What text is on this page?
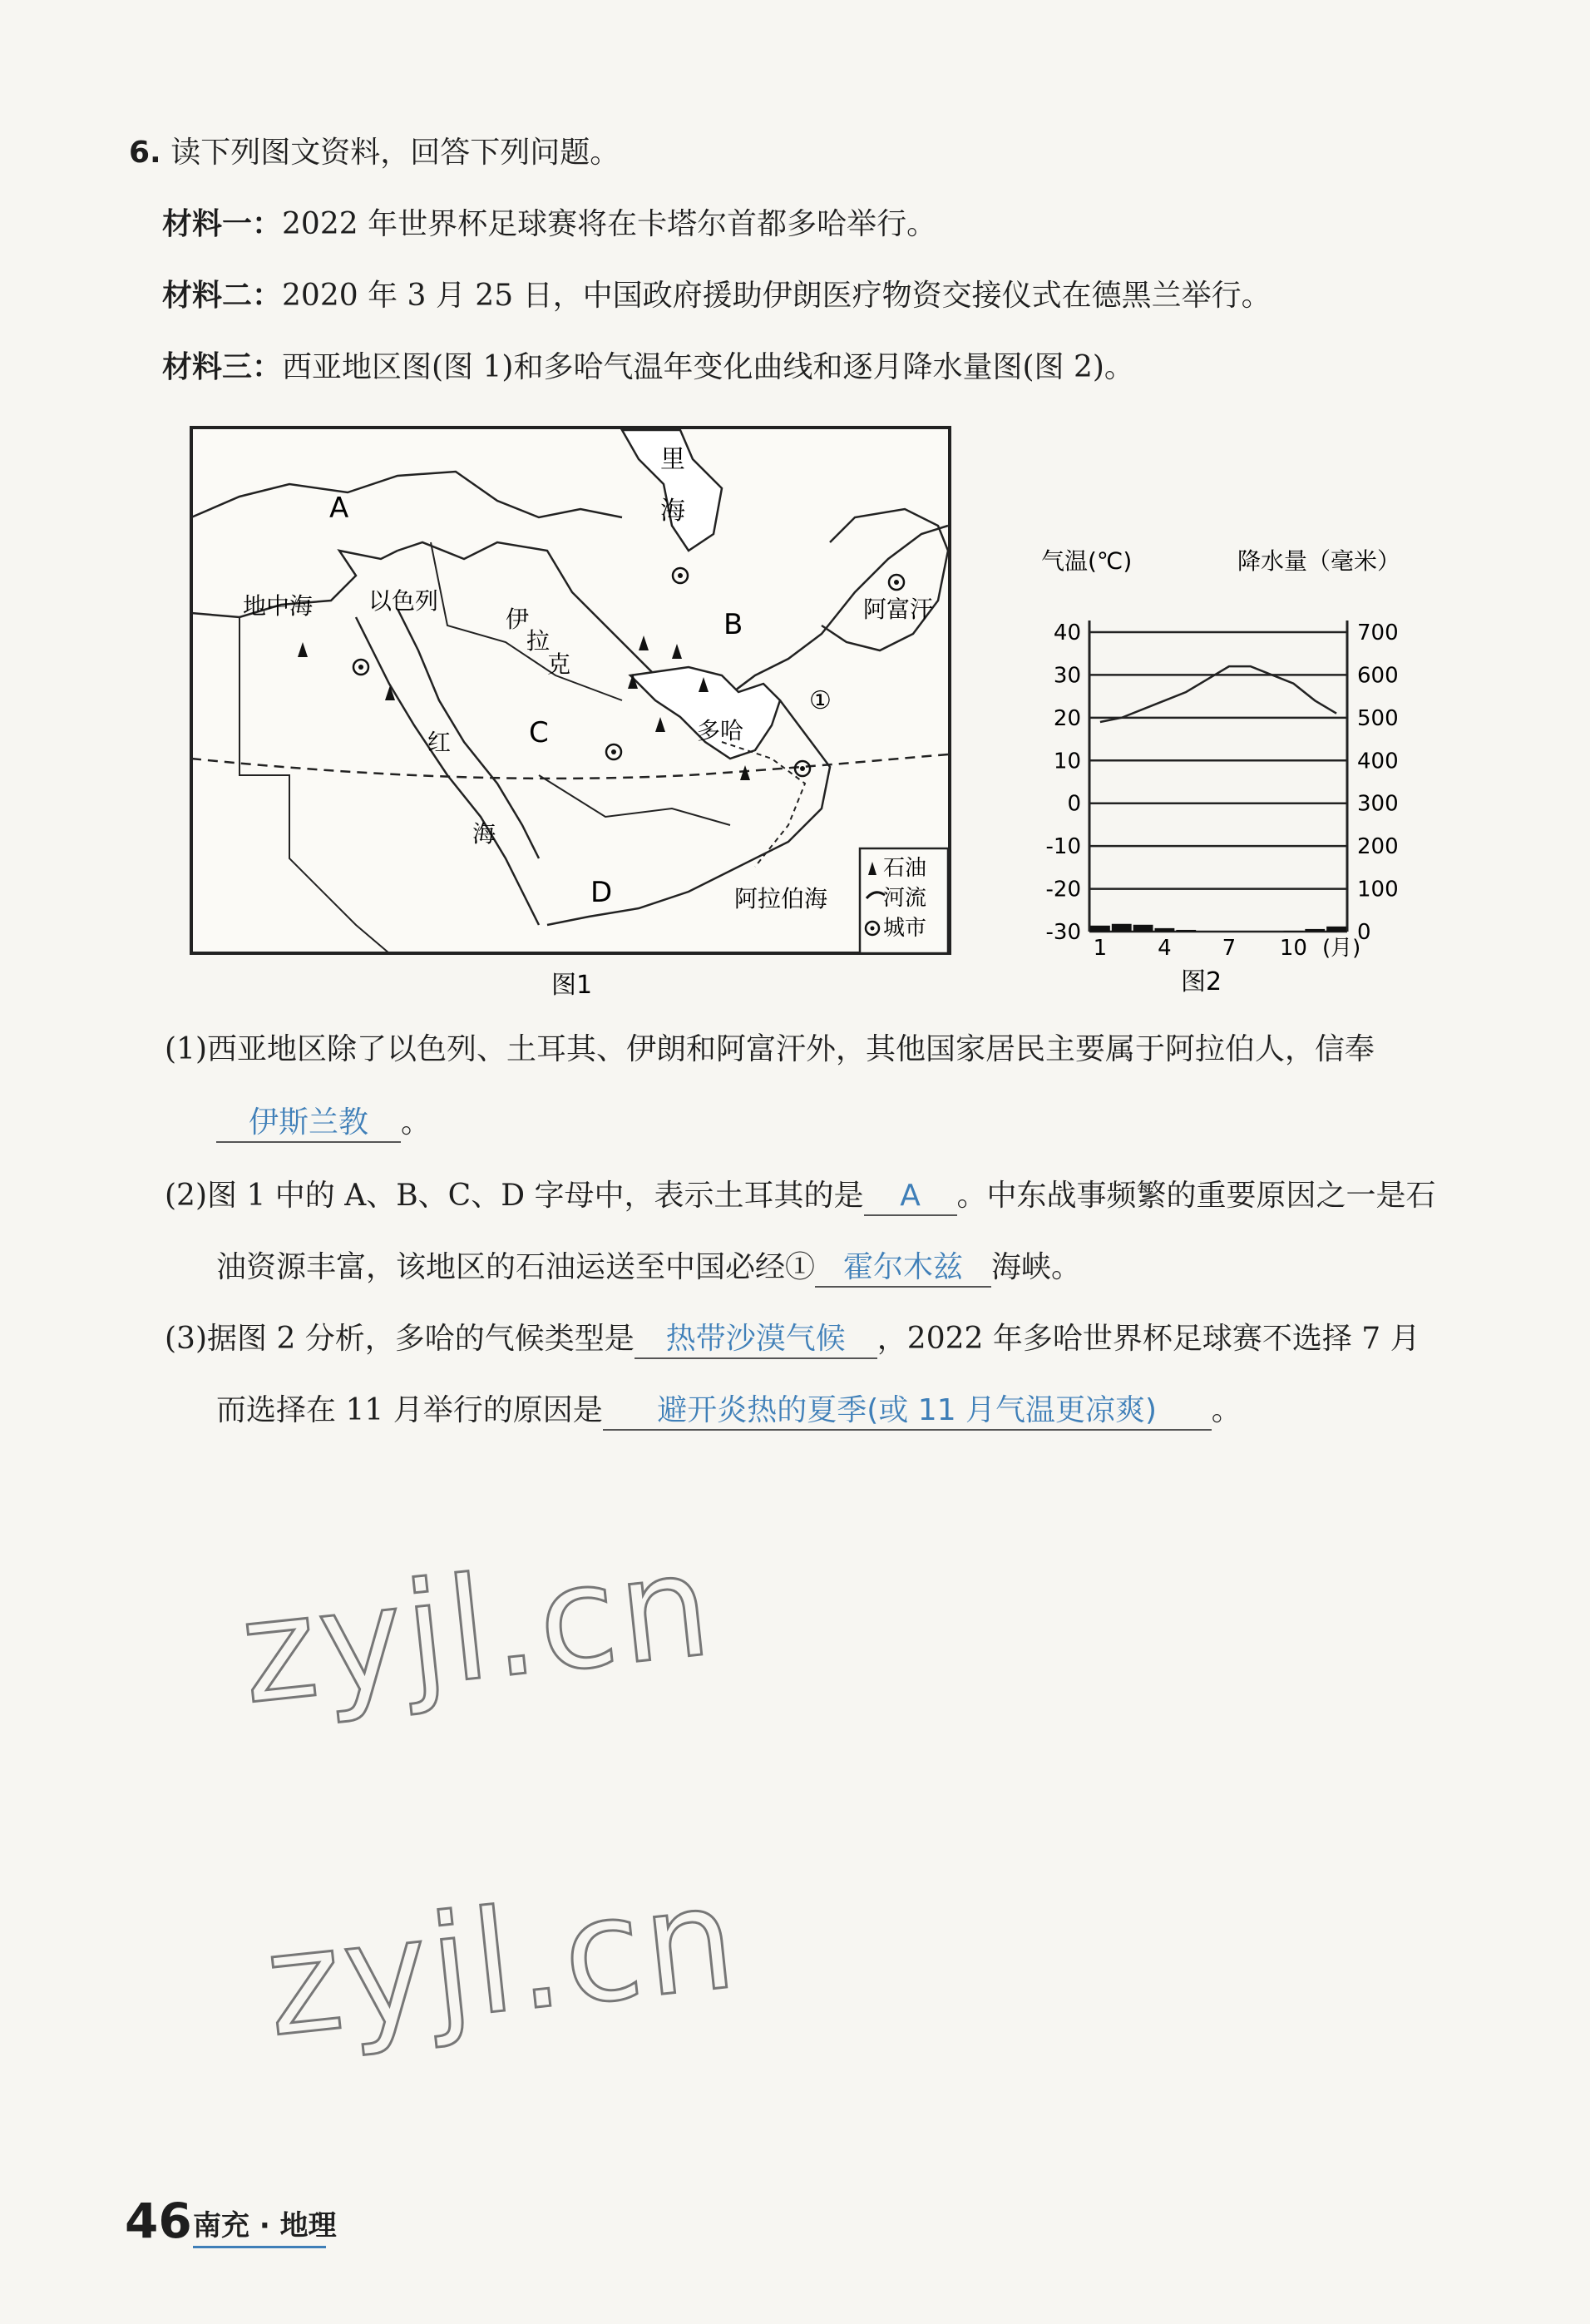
6. 读下列图文资料，回答下列问题。
材料一：2022 年世界杯足球赛将在卡塔尔首都多哈举行。
材料二：2020 年 3 月 25 日，中国政府援助伊朗医疗物资交接仪式在德黑兰举行。
材料三：西亚地区图(图 1)和多哈气温年变化曲线和逐月降水量图(图 2)。
A
B
C
D
里
海
地中海 以色列
伊
拉
克
阿富汗
多哈
①
红
海
阿拉伯海
石油
河流
城市
图1
气温(℃)	降水量（毫米）
40
30
20
10
0
-10
-20
-30
700
600
500
400
300
200
100
0
1 4 7 10 (月)
图2
(1)西亚地区除了以色列、土耳其、伊朗和阿富汗外，其他国家居民主要属于阿拉伯人，信奉
伊斯兰教 。
(2)图 1 中的 A、B、C、D 字母中，表示土耳其的是 A 。中东战事频繁的重要原因之一是石
油资源丰富，该地区的石油运送至中国必经① 霍尔木兹 海峡。
(3)据图 2 分析，多哈的气候类型是 热带沙漠气候 ，2022 年多哈世界杯足球赛不选择 7 月
而选择在 11 月举行的原因是 避开炎热的夏季(或 11 月气温更凉爽) 。
zyjl.cn
zyjl.cn
46 南充 · 地理
